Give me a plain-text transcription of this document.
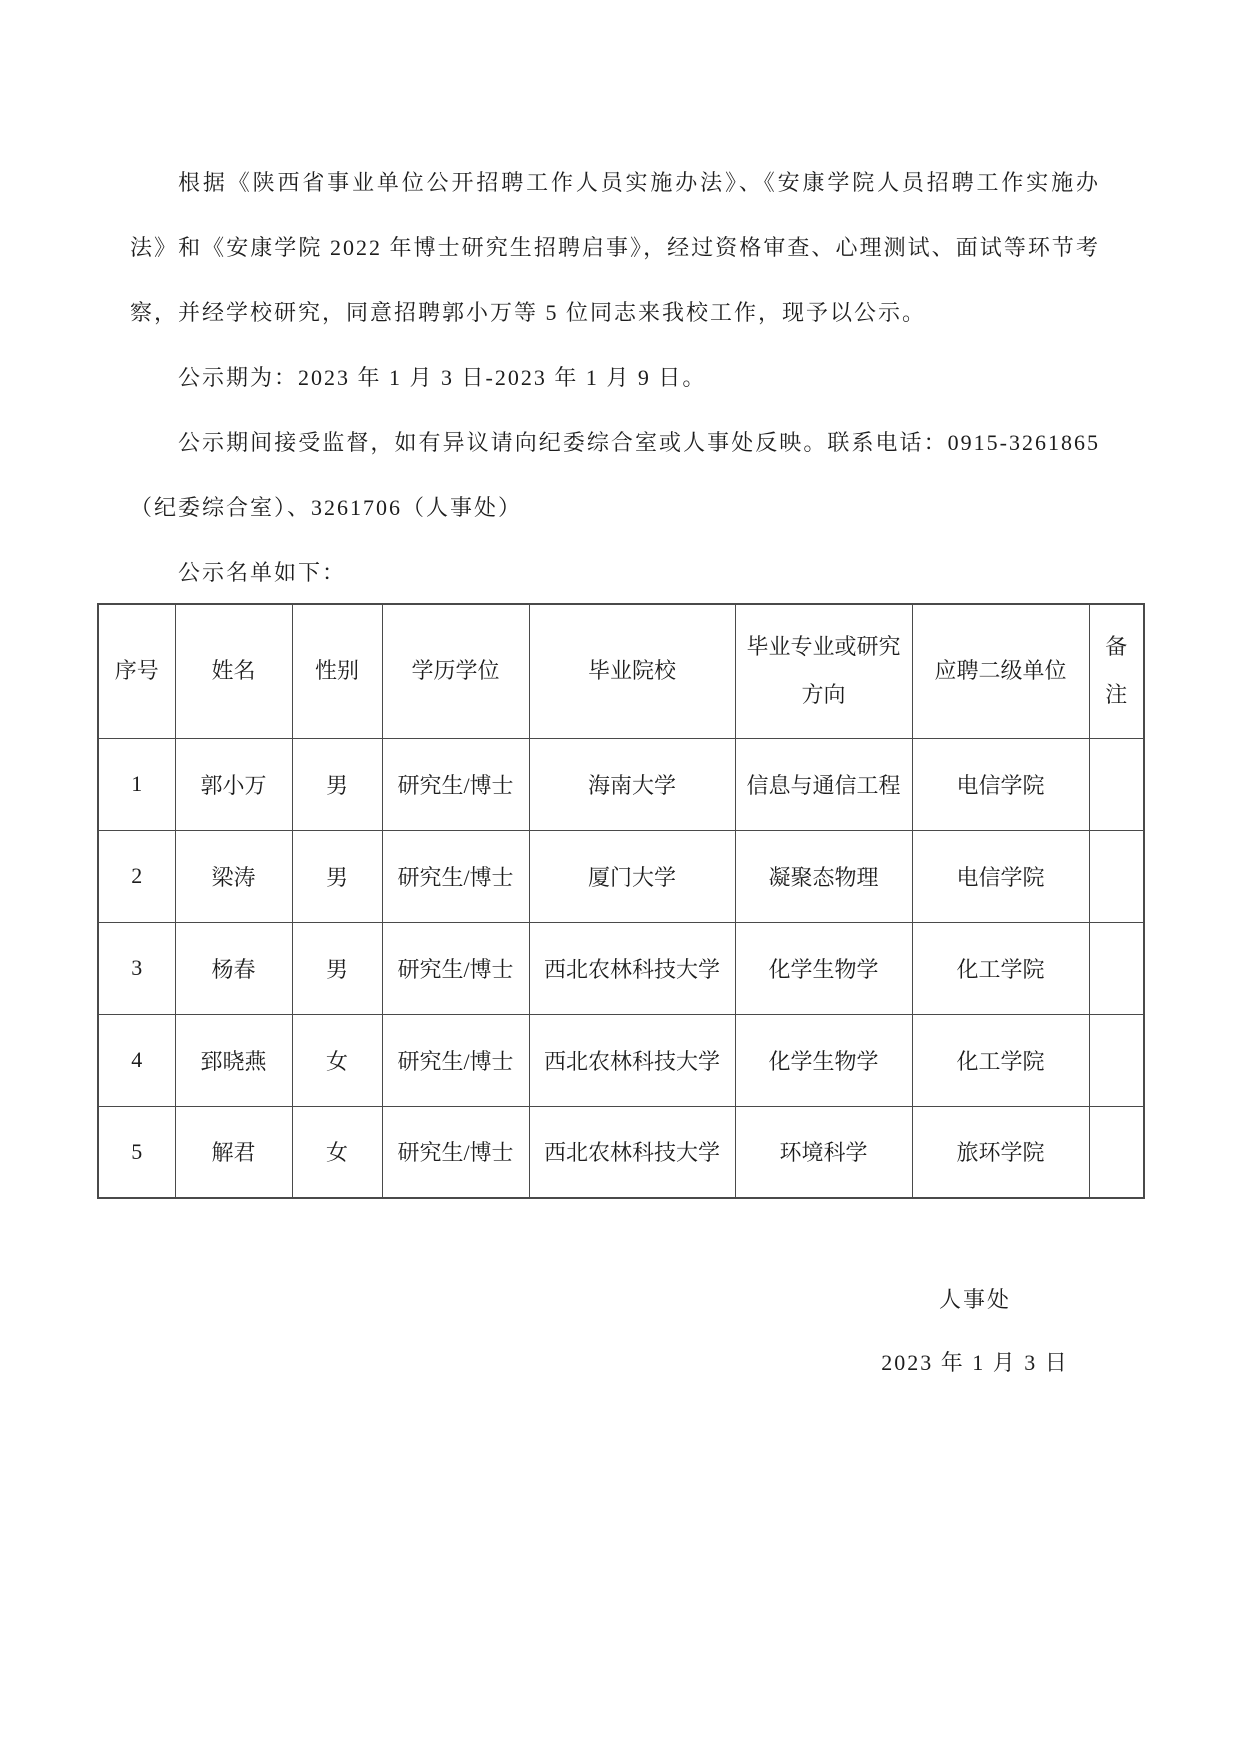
根据《陕西省事业单位公开招聘工作人员实施办法》、《安康学院人员招聘工作实施办法》和《安康学院 2022 年博士研究生招聘启事》，经过资格审查、心理测试、面试等环节考察，并经学校研究，同意招聘郭小万等 5 位同志来我校工作，现予以公示。

公示期为：2023 年 1 月 3 日-2023 年 1 月 9 日。

公示期间接受监督，如有异议请向纪委综合室或人事处反映。联系电话：0915-3261865（纪委综合室）、3261706（人事处）

公示名单如下：

序号	姓名	性别	学历学位	毕业院校	毕业专业或研究方向	应聘二级单位	备注
1	郭小万	男	研究生/博士	海南大学	信息与通信工程	电信学院	
2	梁涛	男	研究生/博士	厦门大学	凝聚态物理	电信学院	
3	杨春	男	研究生/博士	西北农林科技大学	化学生物学	化工学院	
4	郅晓燕	女	研究生/博士	西北农林科技大学	化学生物学	化工学院	
5	解君	女	研究生/博士	西北农林科技大学	环境科学	旅环学院	
人事处
2023 年 1 月 3 日
